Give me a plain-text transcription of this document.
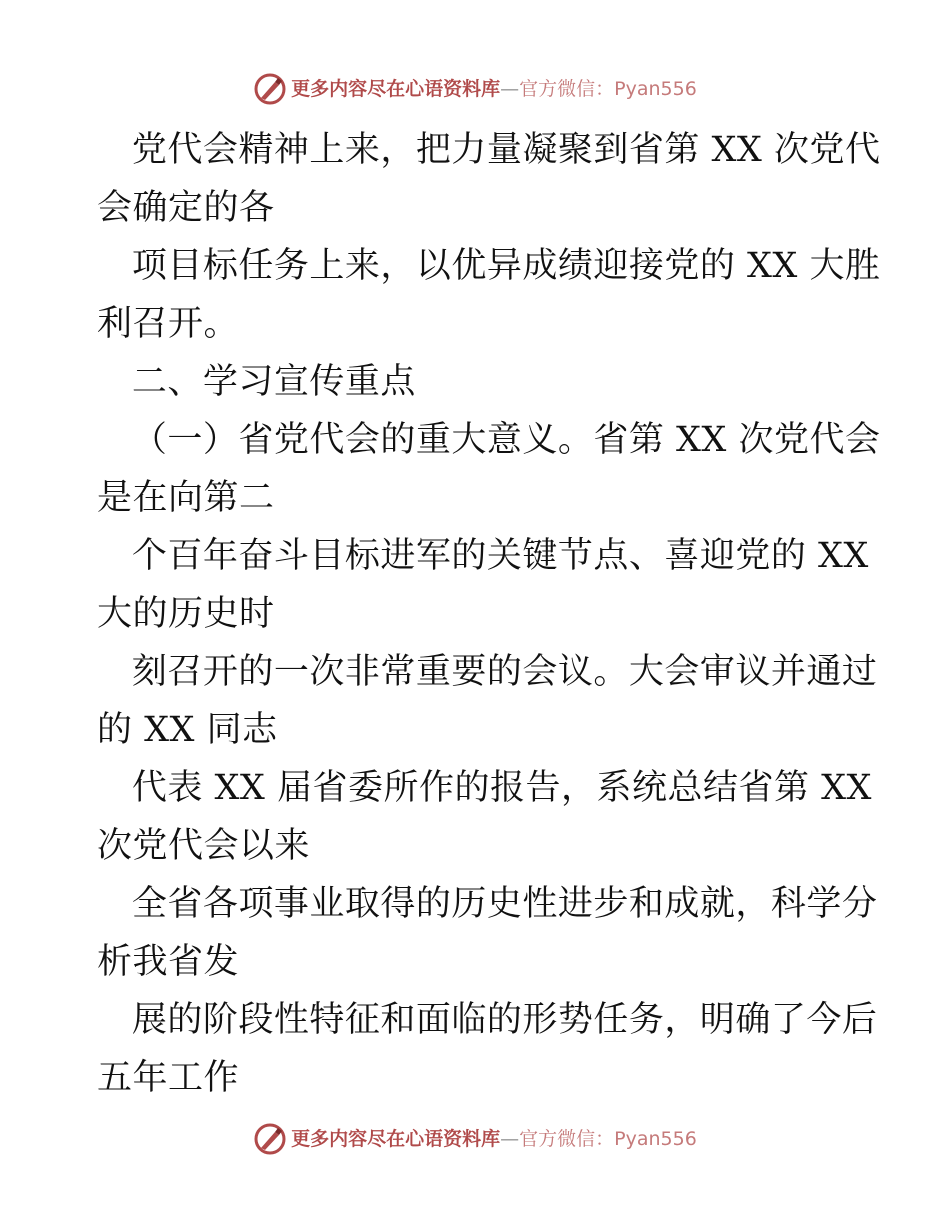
更多内容尽在心语资料库 — 官方微信：Pyan556

党代会精神上来，把力量凝聚到省第 XX 次党代

会确定的各

项目标任务上来，以优异成绩迎接党的 XX 大胜

利召开。

二、学习宣传重点

（一）省党代会的重大意义。省第 XX 次党代会

是在向第二

个百年奋斗目标进军的关键节点、喜迎党的 XX

大的历史时

刻召开的一次非常重要的会议。大会审议并通过

的 XX 同志

代表 XX 届省委所作的报告，系统总结省第 XX

次党代会以来

全省各项事业取得的历史性进步和成就，科学分

析我省发

展的阶段性特征和面临的形势任务，明确了今后

五年工作

更多内容尽在心语资料库 — 官方微信：Pyan556
